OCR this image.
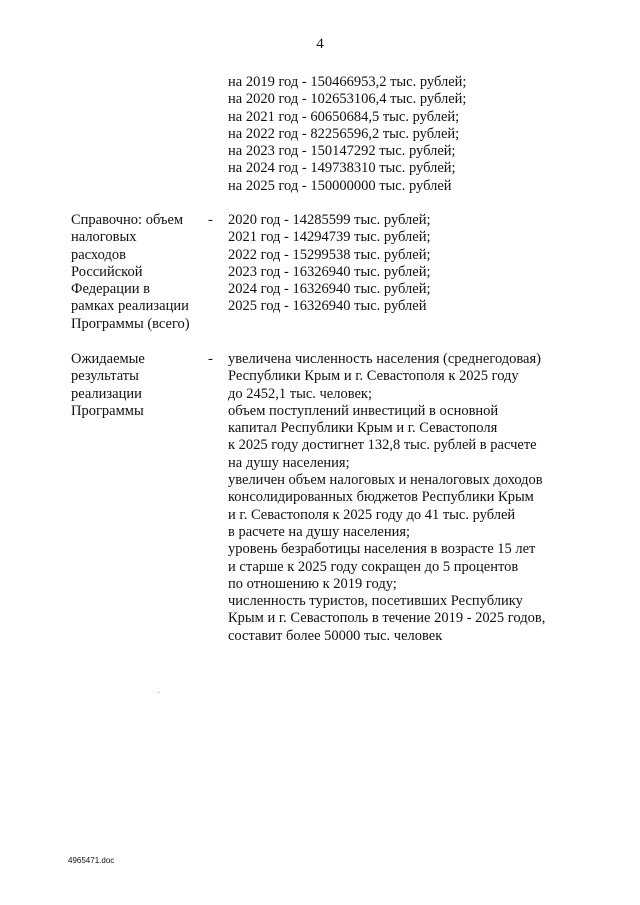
4
на 2019 год - 150466953,2 тыс. рублей;
на 2020 год - 102653106,4 тыс. рублей;
на 2021 год - 60650684,5 тыс. рублей;
на 2022 год - 82256596,2 тыс. рублей;
на 2023 год - 150147292 тыс. рублей;
на 2024 год - 149738310 тыс. рублей;
на 2025 год - 150000000 тыс. рублей
Справочно: объем
налоговых
расходов
Российской
Федерации в
рамках реализации
Программы (всего)
- 2020 год - 14285599 тыс. рублей;
2021 год - 14294739 тыс. рублей;
2022 год - 15299538 тыс. рублей;
2023 год - 16326940 тыс. рублей;
2024 год - 16326940 тыс. рублей;
2025 год - 16326940 тыс. рублей
Ожидаемые
результаты
реализации
Программы
- увеличена численность населения (среднегодовая)
Республики Крым и г. Севастополя к 2025 году
до 2452,1 тыс. человек;
объем поступлений инвестиций в основной
капитал Республики Крым и г. Севастополя
к 2025 году достигнет 132,8 тыс. рублей в расчете
на душу населения;
увеличен объем налоговых и неналоговых доходов
консолидированных бюджетов Республики Крым
и г. Севастополя к 2025 году до 41 тыс. рублей
в расчете на душу населения;
уровень безработицы населения в возрасте 15 лет
и старше к 2025 году сокращен до 5 процентов
по отношению к 2019 году;
численность туристов, посетивших Республику
Крым и г. Севастополь в течение 2019 - 2025 годов,
составит более 50000 тыс. человек
4965471.doc
